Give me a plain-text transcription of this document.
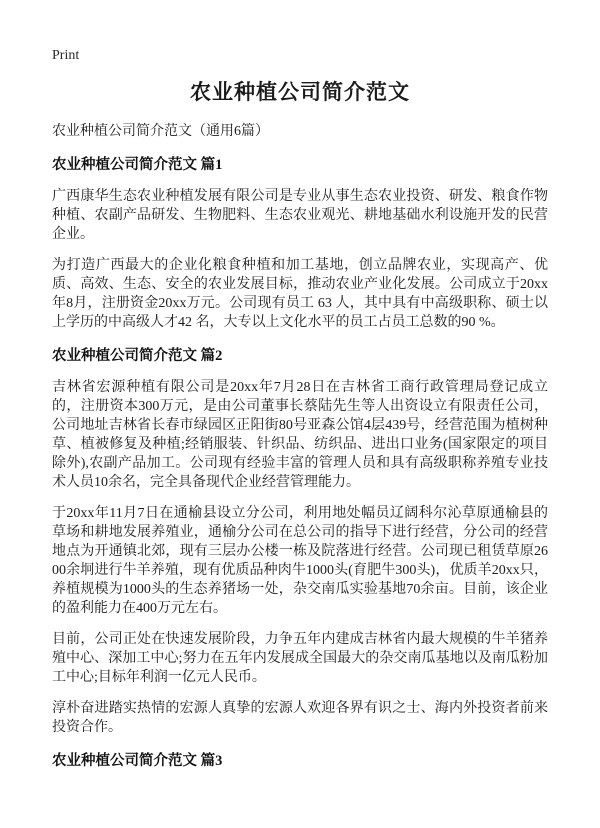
Print
农业种植公司简介范文

农业种植公司简介范文（通用6篇）

农业种植公司简介范文 篇1

广西康华生态农业种植发展有限公司是专业从事生态农业投资、研发、粮食作物种植、农副产品研发、生物肥料、生态农业观光、耕地基础水利设施开发的民营企业。

为打造广西最大的企业化粮食种植和加工基地，创立品牌农业，实现高产、优质、高效、生态、安全的农业发展目标，推动农业产业化发展。公司成立于20xx年8月，注册资金20xx万元。公司现有员工 63 人，其中具有中高级职称、硕士以上学历的中高级人才42 名，大专以上文化水平的员工占员工总数的90 %。

农业种植公司简介范文 篇2

吉林省宏源种植有限公司是20xx年7月28日在吉林省工商行政管理局登记成立的，注册资本300万元，是由公司董事长蔡陆先生等人出资设立有限责任公司，公司地址吉林省长春市绿园区正阳街80号亚森公馆4层439号，经营范围为植树种草、植被修复及种植;经销服装、针织品、纺织品、进出口业务(国家限定的项目除外),农副产品加工。公司现有经验丰富的管理人员和具有高级职称养殖专业技术人员10余名，完全具备现代企业经营管理能力。

于20xx年11月7日在通榆县设立分公司，利用地处幅员辽阔科尔沁草原通榆县的草场和耕地发展养殖业，通榆分公司在总公司的指导下进行经营，分公司的经营地点为开通镇北郊，现有三层办公楼一栋及院落进行经营。公司现已租赁草原2600余坰进行牛羊养殖，现有优质品种肉牛1000头(育肥牛300头)，优质羊20xx只，养植规模为1000头的生态养猪场一处，杂交南瓜实验基地70余亩。目前，该企业的盈利能力在400万元左右。

目前，公司正处在快速发展阶段，力争五年内建成吉林省内最大规模的牛羊猪养殖中心、深加工中心;努力在五年内发展成全国最大的杂交南瓜基地以及南瓜粉加工中心;目标年利润一亿元人民币。

淳朴奋进踏实热情的宏源人真挚的宏源人欢迎各界有识之士、海内外投资者前来投资合作。

农业种植公司简介范文 篇3
